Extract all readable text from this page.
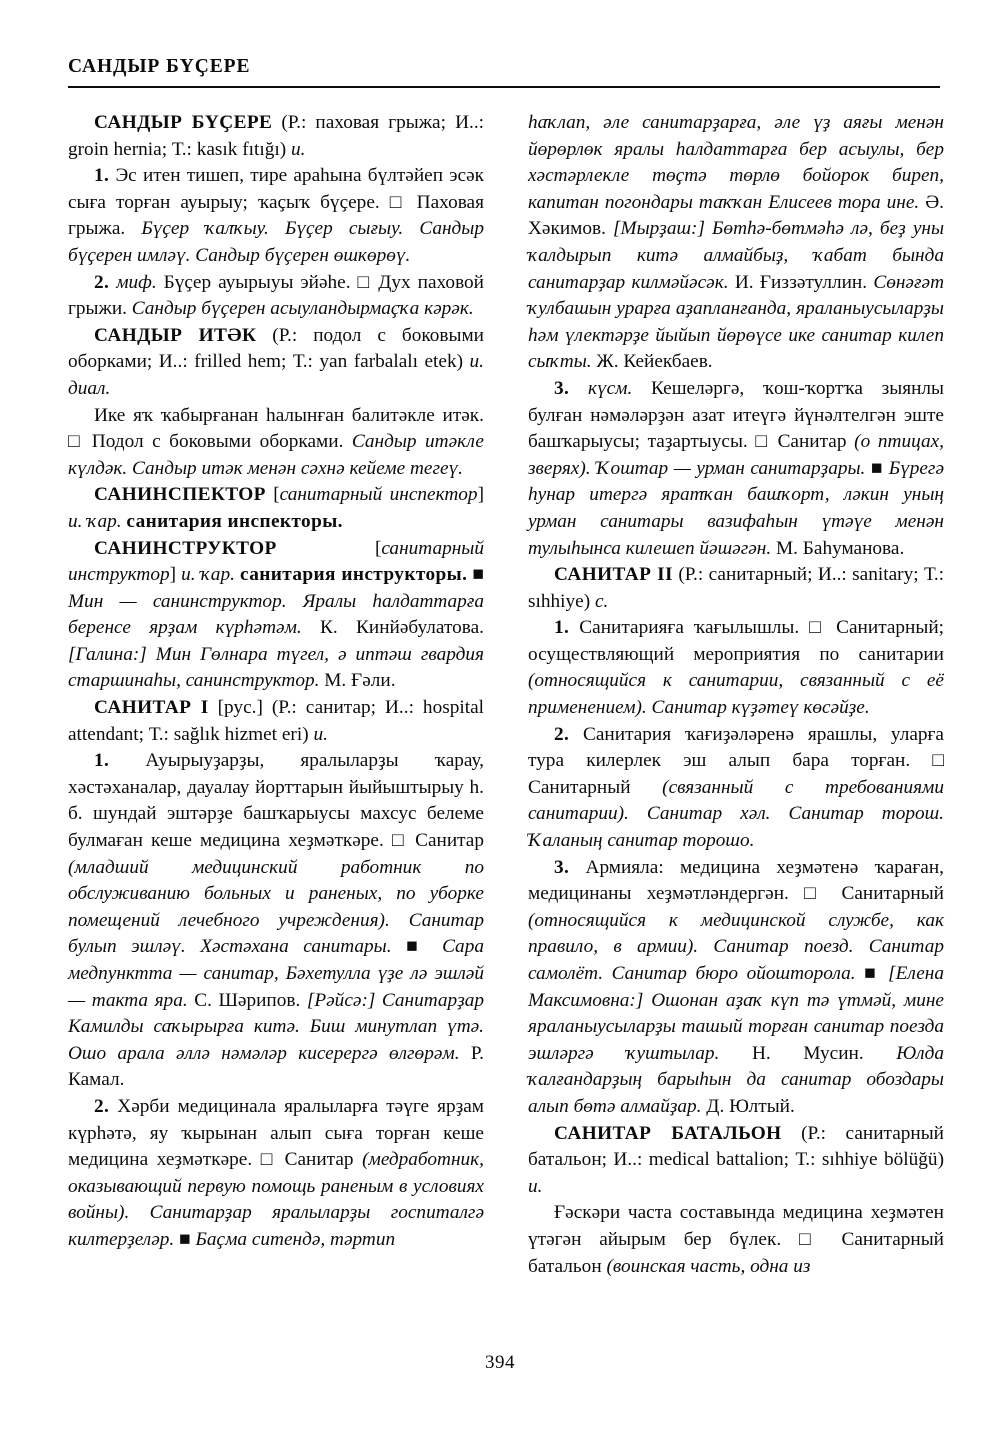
САНДЫР БҮҪЕРЕ

САНДЫР БҮҪЕРЕ (Р.: паховая грыжа; И..: groin hernia; Т.: kasık fıtığı) и.

1. Эс итен тишеп, тире араһына бүлтәйеп эсәк сыға торған ауырыу; ҡаҫыҡ бүҫере. □ Паховая грыжа. Бүҫер ҡалҡыу. Бүҫер сығыу. Сандыр бүҫерен имләү. Сандыр бүҫерен өшкөрөү.

2. миф. Бүҫер ауырыуы эйәһе. □ Дух паховой грыжи. Сандыр бүҫерен асыуландырмаҫҡа кәрәк.

САНДЫР ИТӘК (Р.: подол с боковыми оборками; И..: frilled hem; Т.: yan farbalalı etek) и. диал.

Ике яҡ ҡабырғанан һалынған балитәкле итәк. □ Подол с боковыми оборками. Сандыр итәкле күлдәк. Сандыр итәк менән сәхнә кейеме тегеү.

САНИНСПЕКТОР [санитарный инспектор] и. ҡар. санитария инспекторы.

САНИНСТРУКТОР [санитарный инструктор] и. ҡар. санитария инструкторы. ■ Мин — санинструктор. Яралы һалдаттарға беренсе ярҙам күрһәтәм. К. Кинйәбулатова. [Галина:] Мин Гөлнара түгел, ә иптәш гвардия старшинаһы, санинструктор. М. Ғәли.

САНИТАР I [рус.] (Р.: санитар; И..: hospital attendant; Т.: sağlık hizmet eri) и.

1. Ауырыуҙарҙы, яралыларҙы ҡарау, хәстәханалар, дауалау йорттарын йыйыштырыу һ. б. шундай эштәрҙе башҡарыусы махсус белеме булмаған кеше медицина хеҙмәткәре. □ Санитар (младший медицинский работник по обслуживанию больных и раненых, по уборке помещений лечебного учреждения). Санитар булып эшләү. Хәстәхана санитары. ■ Сара медпунктта — санитар, Бәхетулла үҙе лә эшләй — такта яра. С. Шәрипов. [Рәйсә:] Санитарҙар Камилды саҡырырға китә. Биш минутлап үтә. Ошо арала әллә нәмәләр кисерергә өлгөрәм. Р. Камал.

2. Хәрби медицинала яралыларға тәүге ярҙам күрһәтә, яу ҡырынан алып сыға торған кеше медицина хеҙмәткәре. □ Санитар (медработник, оказывающий первую помощь раненым в условиях войны). Санитарҙар яралыларҙы госпиталгә килтерҙеләр. ■ Баҫма ситендә, тәртип

һаҡлап, әле санитарҙарға, әле үҙ аяғы менән йөрөрлөк яралы һалдаттарға бер асыулы, бер хәстәрлекле төҫтә төрлө бойорок биреп, капитан погондары таҡҡан Елисеев тора ине. Ә. Хәкимов. [Мырҙаш:] Бөтһә-бөтмәһә лә, беҙ уны ҡалдырып китә алмайбыҙ, ҡабат бында санитарҙар килмәйәсәк. И. Ғиззәтуллин. Сөнәғәт ҡулбашын урарға аҙапланғанда, яраланыусыларҙы һәм үлектәрҙе йыйып йөрөүсе ике санитар килеп сыҡты. Ж. Кейекбаев.

3. күсм. Кешеләргә, ҡош-ҡортҡа зыянлы булған нәмәләрҙән азат итеүгә йүнәлтелгән эште башҡарыусы; таҙартыусы. □ Санитар (о птицах, зверях). Ҡоштар — урман санитарҙары. ■ Бүрегә һунар итергә яратҡан башҡорт, ләкин уның урман санитары вазифаһын үтәүе менән тулыһынса килешеп йәшәгән. М. Баһуманова.

САНИТАР II (Р.: санитарный; И..: sanitary; Т.: sıhhiye) с.

1. Санитарияға ҡағылышлы. □ Санитарный; осуществляющий мероприятия по санитарии (относящийся к санитарии, связанный с её применением). Санитар күҙәтеү көсәйҙе.

2. Санитария ҡағиҙәләренә ярашлы, уларға тура килерлек эш алып бара торған. □ Санитарный (связанный с требованиями санитарии). Санитар хәл. Санитар торош. Ҡаланың санитар торошо.

3. Армияла: медицина хеҙмәтенә ҡараған, медицинаны хеҙмәтләндергән. □ Санитарный (относящийся к медицинской службе, как правило, в армии). Санитар поезд. Санитар самолёт. Санитар бюро ойошторола. ■ [Елена Максимовна:] Ошонан аҙаҡ күп тә үтмәй, мине яраланыусыларҙы ташый торған санитар поезда эшләргә ҡуштылар. Н. Мусин. Юлда ҡалғандарҙың барыһын да санитар обоздары алып бөтә алмайҙар. Д. Юлтый.

САНИТАР БАТАЛЬОН (Р.: санитарный батальон; И..: medical battalion; Т.: sıhhiye bölüğü) и.

Ғәскәри часта составында медицина хеҙмәтен үтәгән айырым бер бүлек. □ Санитарный батальон (воинская часть, одна из

394
